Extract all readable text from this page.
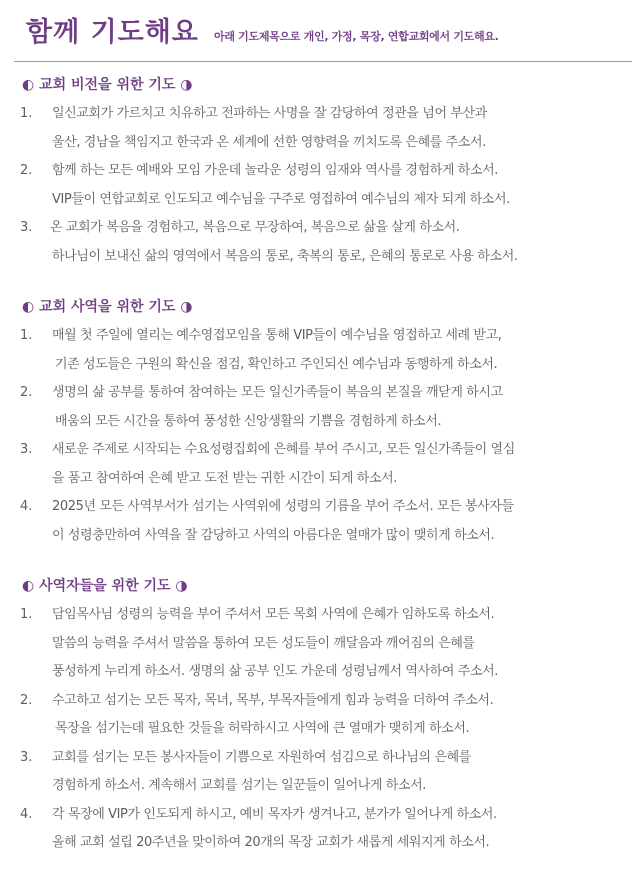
함께 기도해요 아래 기도제목으로 개인, 가정, 목장, 연합교회에서 기도해요.
◐ 교회 비전을 위한 기도 ◑
1.	일신교회가 가르치고 치유하고 전파하는 사명을 잘 감당하여 정관을 넘어 부산과
울산, 경남을 책임지고 한국과 온 세계에 선한 영향력을 끼치도록 은혜를 주소서.
2.	함께 하는 모든 예배와 모임 가운데 놀라운 성령의 임재와 역사를 경험하게 하소서.
VIP들이 연합교회로 인도되고 예수님을 구주로 영접하여 예수님의 제자 되게 하소서.
3.	온 교회가 복음을 경험하고, 복음으로 무장하여, 복음으로 삶을 살게 하소서.
하나님이 보내신 삶의 영역에서 복음의 통로, 축복의 통로, 은혜의 통로로 사용 하소서.
◐ 교회 사역을 위한 기도 ◑
1.	매월 첫 주일에 열리는 예수영접모임을 통해 VIP들이 예수님을 영접하고 세례 받고,
기존 성도들은 구원의 확신을 점검, 확인하고 주인되신 예수님과 동행하게 하소서.
2.	생명의 삶 공부를 통하여 참여하는 모든 일신가족들이 복음의 본질을 깨닫게 하시고
배움의 모든 시간을 통하여 풍성한 신앙생활의 기쁨을 경험하게 하소서.
3.	새로운 주제로 시작되는 수요성령집회에 은혜를 부어 주시고, 모든 일신가족들이 열심
을 품고 참여하여 은혜 받고 도전 받는 귀한 시간이 되게 하소서.
4.	2025년 모든 사역부서가 섬기는 사역위에 성령의 기름을 부어 주소서. 모든 봉사자들
이 성령충만하여 사역을 잘 감당하고 사역의 아름다운 열매가 많이 맺히게 하소서.
◐ 사역자들을 위한 기도 ◑
1.	담임목사님 성령의 능력을 부어 주셔서 모든 목회 사역에 은혜가 임하도록 하소서.
말씀의 능력을 주셔서 말씀을 통하여 모든 성도들이 깨달음과 깨어짐의 은혜를
풍성하게 누리게 하소서. 생명의 삶 공부 인도 가운데 성령님께서 역사하여 주소서.
2.	수고하고 섬기는 모든 목자, 목녀, 목부, 부목자들에게 힘과 능력을 더하여 주소서.
목장을 섬기는데 필요한 것들을 허락하시고 사역에 큰 열매가 맺히게 하소서.
3.	교회를 섬기는 모든 봉사자들이 기쁨으로 자원하여 섬김으로 하나님의 은혜를
경험하게 하소서. 계속해서 교회를 섬기는 일꾼들이 일어나게 하소서.
4.	각 목장에 VIP가 인도되게 하시고, 예비 목자가 생겨나고, 분가가 일어나게 하소서.
올해 교회 설립 20주년을 맞이하여 20개의 목장 교회가 새롭게 세워지게 하소서.
